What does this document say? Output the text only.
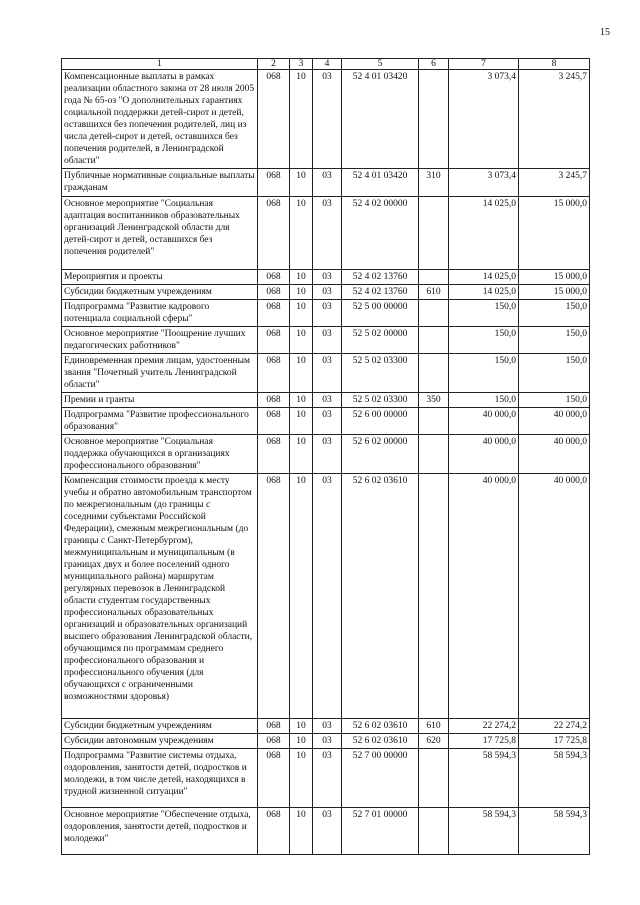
15
1	2	3	4	5	6	7	8
Компенсационные выплаты в рамках реализации областного закона от 28 июля 2005 года № 65-оз "О дополнительных гарантиях социальной поддержки детей-сирот и детей, оставшихся без попечения родителей, лиц из числа детей-сирот и детей, оставшихся без попечения родителей, в Ленинградской области"	068	10	03	52 4 01 03420		3 073,4	3 245,7
Публичные нормативные социальные выплаты гражданам	068	10	03	52 4 01 03420	310	3 073,4	3 245,7
Основное мероприятие "Социальная адаптация воспитанников образовательных организаций Ленинградской области для детей-сирот и детей, оставшихся без попечения родителей"	068	10	03	52 4 02 00000		14 025,0	15 000,0
Мероприятия и проекты	068	10	03	52 4 02 13760		14 025,0	15 000,0
Субсидии бюджетным учреждениям	068	10	03	52 4 02 13760	610	14 025,0	15 000,0
Подпрограмма "Развитие кадрового потенциала социальной сферы"	068	10	03	52 5 00 00000		150,0	150,0
Основное мероприятие "Поощрение лучших педагогических работников"	068	10	03	52 5 02 00000		150,0	150,0
Единовременная премия лицам, удостоенным звания "Почетный учитель Ленинградской области"	068	10	03	52 5 02 03300		150,0	150,0
Премии и гранты	068	10	03	52 5 02 03300	350	150,0	150,0
Подпрограмма "Развитие профессионального образования"	068	10	03	52 6 00 00000		40 000,0	40 000,0
Основное мероприятие "Социальная поддержка обучающихся в организациях профессионального образования"	068	10	03	52 6 02 00000		40 000,0	40 000,0
Компенсация стоимости проезда к месту учебы и обратно автомобильным транспортом по межрегиональным (до границы с соседними субъектами Российской Федерации), смежным межрегиональным (до границы с Санкт-Петербургом), межмуниципальным и муниципальным (в границах двух и более поселений одного муниципального района) маршрутам регулярных перевозок в Ленинградской области студентам государственных профессиональных образовательных организаций и образовательных организаций высшего образования Ленинградской области, обучающимся по программам среднего профессионального образования и профессионального обучения (для обучающихся с ограниченными возможностями здоровья)	068	10	03	52 6 02 03610		40 000,0	40 000,0
Субсидии бюджетным учреждениям	068	10	03	52 6 02 03610	610	22 274,2	22 274,2
Субсидии автономным учреждениям	068	10	03	52 6 02 03610	620	17 725,8	17 725,8
Подпрограмма "Развитие системы отдыха, оздоровления, занятости детей, подростков и молодежи, в том числе детей, находящихся в трудной жизненной ситуации"	068	10	03	52 7 00 00000		58 594,3	58 594,3
Основное мероприятие "Обеспечение отдыха, оздоровления, занятости детей, подростков и молодежи"	068	10	03	52 7 01 00000		58 594,3	58 594,3
